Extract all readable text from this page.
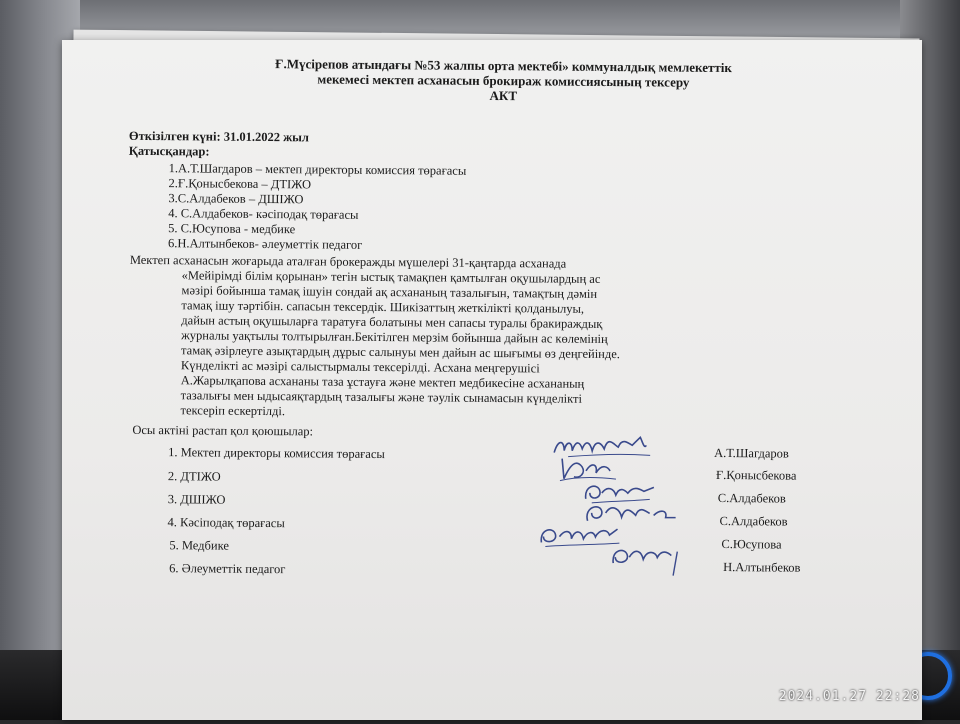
Ғ.Мүсірепов атындағы №53 жалпы орта мектебі» коммуналдық мемлекеттік
мекемесі мектеп асханасын брокираж комиссиясының тексеру
АКТ
Өткізілген күні: 31.01.2022 жыл
Қатысқандар:
1.А.Т.Шагдаров – мектеп директоры комиссия төрағасы
2.Ғ.Қонысбекова – ДТІЖО
3.С.Алдабеков – ДШІЖО
4. С.Алдабеков- кәсіподақ төрағасы
5. С.Юсупова - медбике
6.Н.Алтынбеков- әлеуметтік педагог
Мектеп асханасын жоғарыда аталған брокеражды мүшелері 31-қаңтарда асханада
«Мейірімді білім қорынан» тегін ыстық тамақпен қамтылған оқушылардың ас
мәзірі бойынша тамақ ішуін сондай ақ асхананың тазалығын, тамақтың дәмін
тамақ ішу тәртібін. сапасын тексердік. Шикізаттың жеткілікті қолданылуы,
дайын астың оқушыларға таратуға болатыны мен сапасы туралы бракираждық
журналы уақтылы толтырылған.Бекітілген мерзім бойынша дайын ас көлемінің
тамақ әзірлеуге азықтардың дұрыс салынуы мен дайын ас шығымы өз деңгейінде.
Күнделікті ас мәзірі салыстырмалы тексерілді. Асхана меңгерушісі
А.Жарылқапова асхананы таза ұстауға және мектеп медбикесіне асхананың
тазалығы мен ыдысаяқтардың тазалығы және тәулік сынамасын күнделікті
тексеріп ескертілді.
Осы актіні растап қол қоюшылар:
1. Мектеп директоры комиссия төрағасы	А.Т.Шагдаров
2. ДТІЖО	Ғ.Қонысбекова
3. ДШІЖО	С.Алдабеков
4. Кәсіподақ төрағасы	С.Алдабеков
5. Медбике	С.Юсупова
6. Әлеуметтік педагог	Н.Алтынбеков
2024.01.27 22:28
